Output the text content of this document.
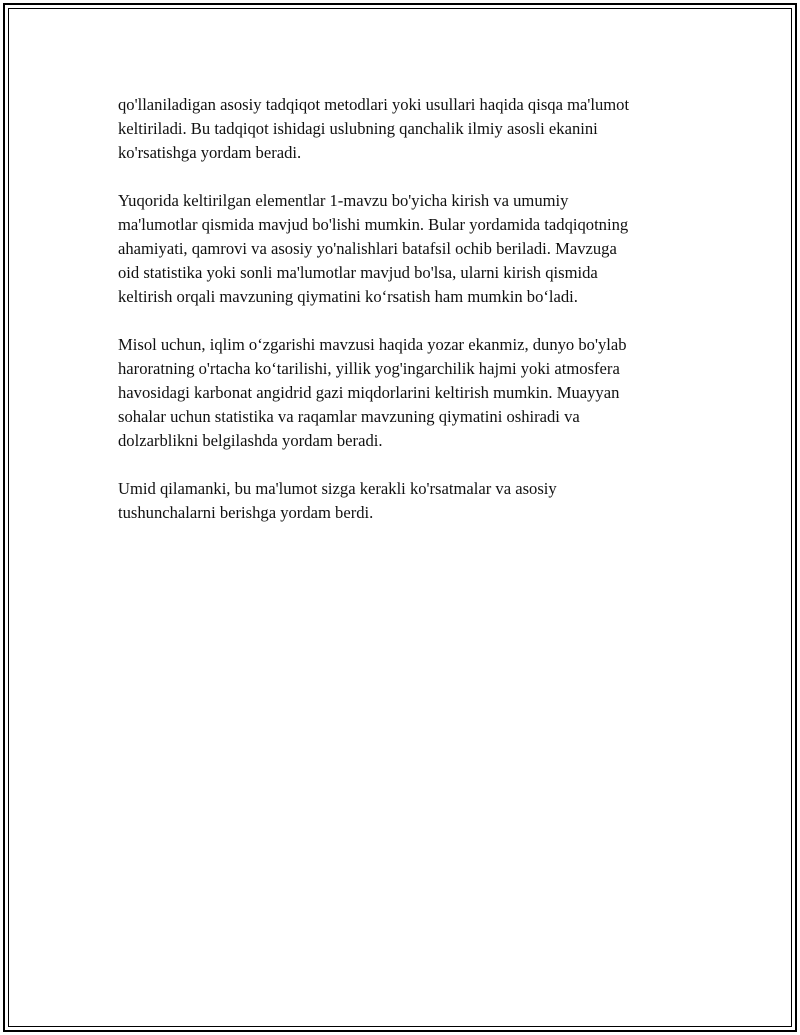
qo'llaniladigan asosiy tadqiqot metodlari yoki usullari haqida qisqa ma'lumot
keltiriladi. Bu tadqiqot ishidagi uslubning qanchalik ilmiy asosli ekanini
ko'rsatishga yordam beradi.

Yuqorida keltirilgan elementlar 1-mavzu bo'yicha kirish va umumiy
ma'lumotlar qismida mavjud bo'lishi mumkin. Bular yordamida tadqiqotning
ahamiyati, qamrovi va asosiy yo'nalishlari batafsil ochib beriladi. Mavzuga
oid statistika yoki sonli ma'lumotlar mavjud bo'lsa, ularni kirish qismida
keltirish orqali mavzuning qiymatini ko‘rsatish ham mumkin bo‘ladi.

Misol uchun, iqlim o‘zgarishi mavzusi haqida yozar ekanmiz, dunyo bo'ylab
haroratning o'rtacha ko‘tarilishi, yillik yog'ingarchilik hajmi yoki atmosfera
havosidagi karbonat angidrid gazi miqdorlarini keltirish mumkin. Muayyan
sohalar uchun statistika va raqamlar mavzuning qiymatini oshiradi va
dolzarblikni belgilashda yordam beradi.

Umid qilamanki, bu ma'lumot sizga kerakli ko'rsatmalar va asosiy
tushunchalarni berishga yordam berdi.
